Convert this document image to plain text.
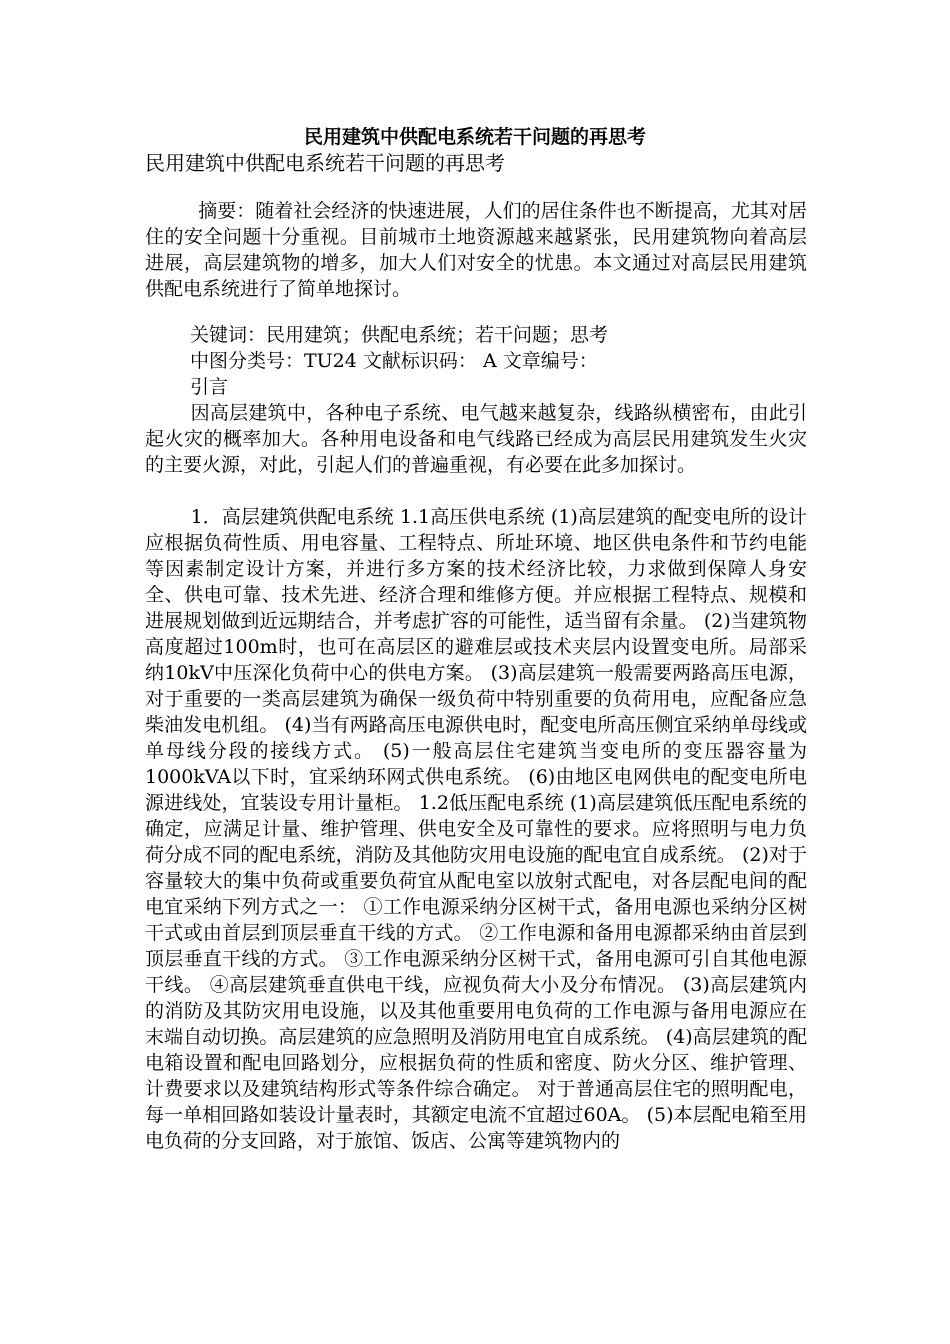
民用建筑中供配电系统若干问题的再思考

民用建筑中供配电系统若干问题的再思考

摘要：随着社会经济的快速进展，人们的居住条件也不断提高，尤其对居住的安全问题十分重视。目前城市土地资源越来越紧张，民用建筑物向着高层进展，高层建筑物的增多，加大人们对安全的忧患。本文通过对高层民用建筑供配电系统进行了简单地探讨。

关键词：民用建筑；供配电系统；若干问题；思考

中图分类号：TU24 文献标识码： A 文章编号：

引言

因高层建筑中，各种电子系统、电气越来越复杂，线路纵横密布，由此引起火灾的概率加大。各种用电设备和电气线路已经成为高层民用建筑发生火灾的主要火源，对此，引起人们的普遍重视，有必要在此多加探讨。

1．高层建筑供配电系统 1.1高压供电系统 (1)高层建筑的配变电所的设计应根据负荷性质、用电容量、工程特点、所址环境、地区供电条件和节约电能等因素制定设计方案，并进行多方案的技术经济比较，力求做到保障人身安全、供电可靠、技术先进、经济合理和维修方便。并应根据工程特点、规模和进展规划做到近远期结合，并考虑扩容的可能性，适当留有余量。 (2)当建筑物高度超过100m时，也可在高层区的避难层或技术夹层内设置变电所。局部采纳10kV中压深化负荷中心的供电方案。 (3)高层建筑一般需要两路高压电源，对于重要的一类高层建筑为确保一级负荷中特别重要的负荷用电，应配备应急柴油发电机组。 (4)当有两路高压电源供电时，配变电所高压侧宜采纳单母线或单母线分段的接线方式。 (5)一般高层住宅建筑当变电所的变压器容量为1000kVA以下时，宜采纳环网式供电系统。 (6)由地区电网供电的配变电所电源进线处，宜装设专用计量柜。 1.2低压配电系统 (1)高层建筑低压配电系统的确定，应满足计量、维护管理、供电安全及可靠性的要求。应将照明与电力负荷分成不同的配电系统，消防及其他防灾用电设施的配电宜自成系统。 (2)对于容量较大的集中负荷或重要负荷宜从配电室以放射式配电，对各层配电间的配电宜采纳下列方式之一： ①工作电源采纳分区树干式，备用电源也采纳分区树干式或由首层到顶层垂直干线的方式。 ②工作电源和备用电源都采纳由首层到顶层垂直干线的方式。 ③工作电源采纳分区树干式，备用电源可引自其他电源干线。 ④高层建筑垂直供电干线，应视负荷大小及分布情况。 (3)高层建筑内的消防及其防灾用电设施，以及其他重要用电负荷的工作电源与备用电源应在末端自动切换。高层建筑的应急照明及消防用电宜自成系统。 (4)高层建筑的配电箱设置和配电回路划分，应根据负荷的性质和密度、防火分区、维护管理、计费要求以及建筑结构形式等条件综合确定。 对于普通高层住宅的照明配电，每一单相回路如装设计量表时，其额定电流不宜超过60A。 (5)本层配电箱至用电负荷的分支回路，对于旅馆、饭店、公寓等建筑物内的
